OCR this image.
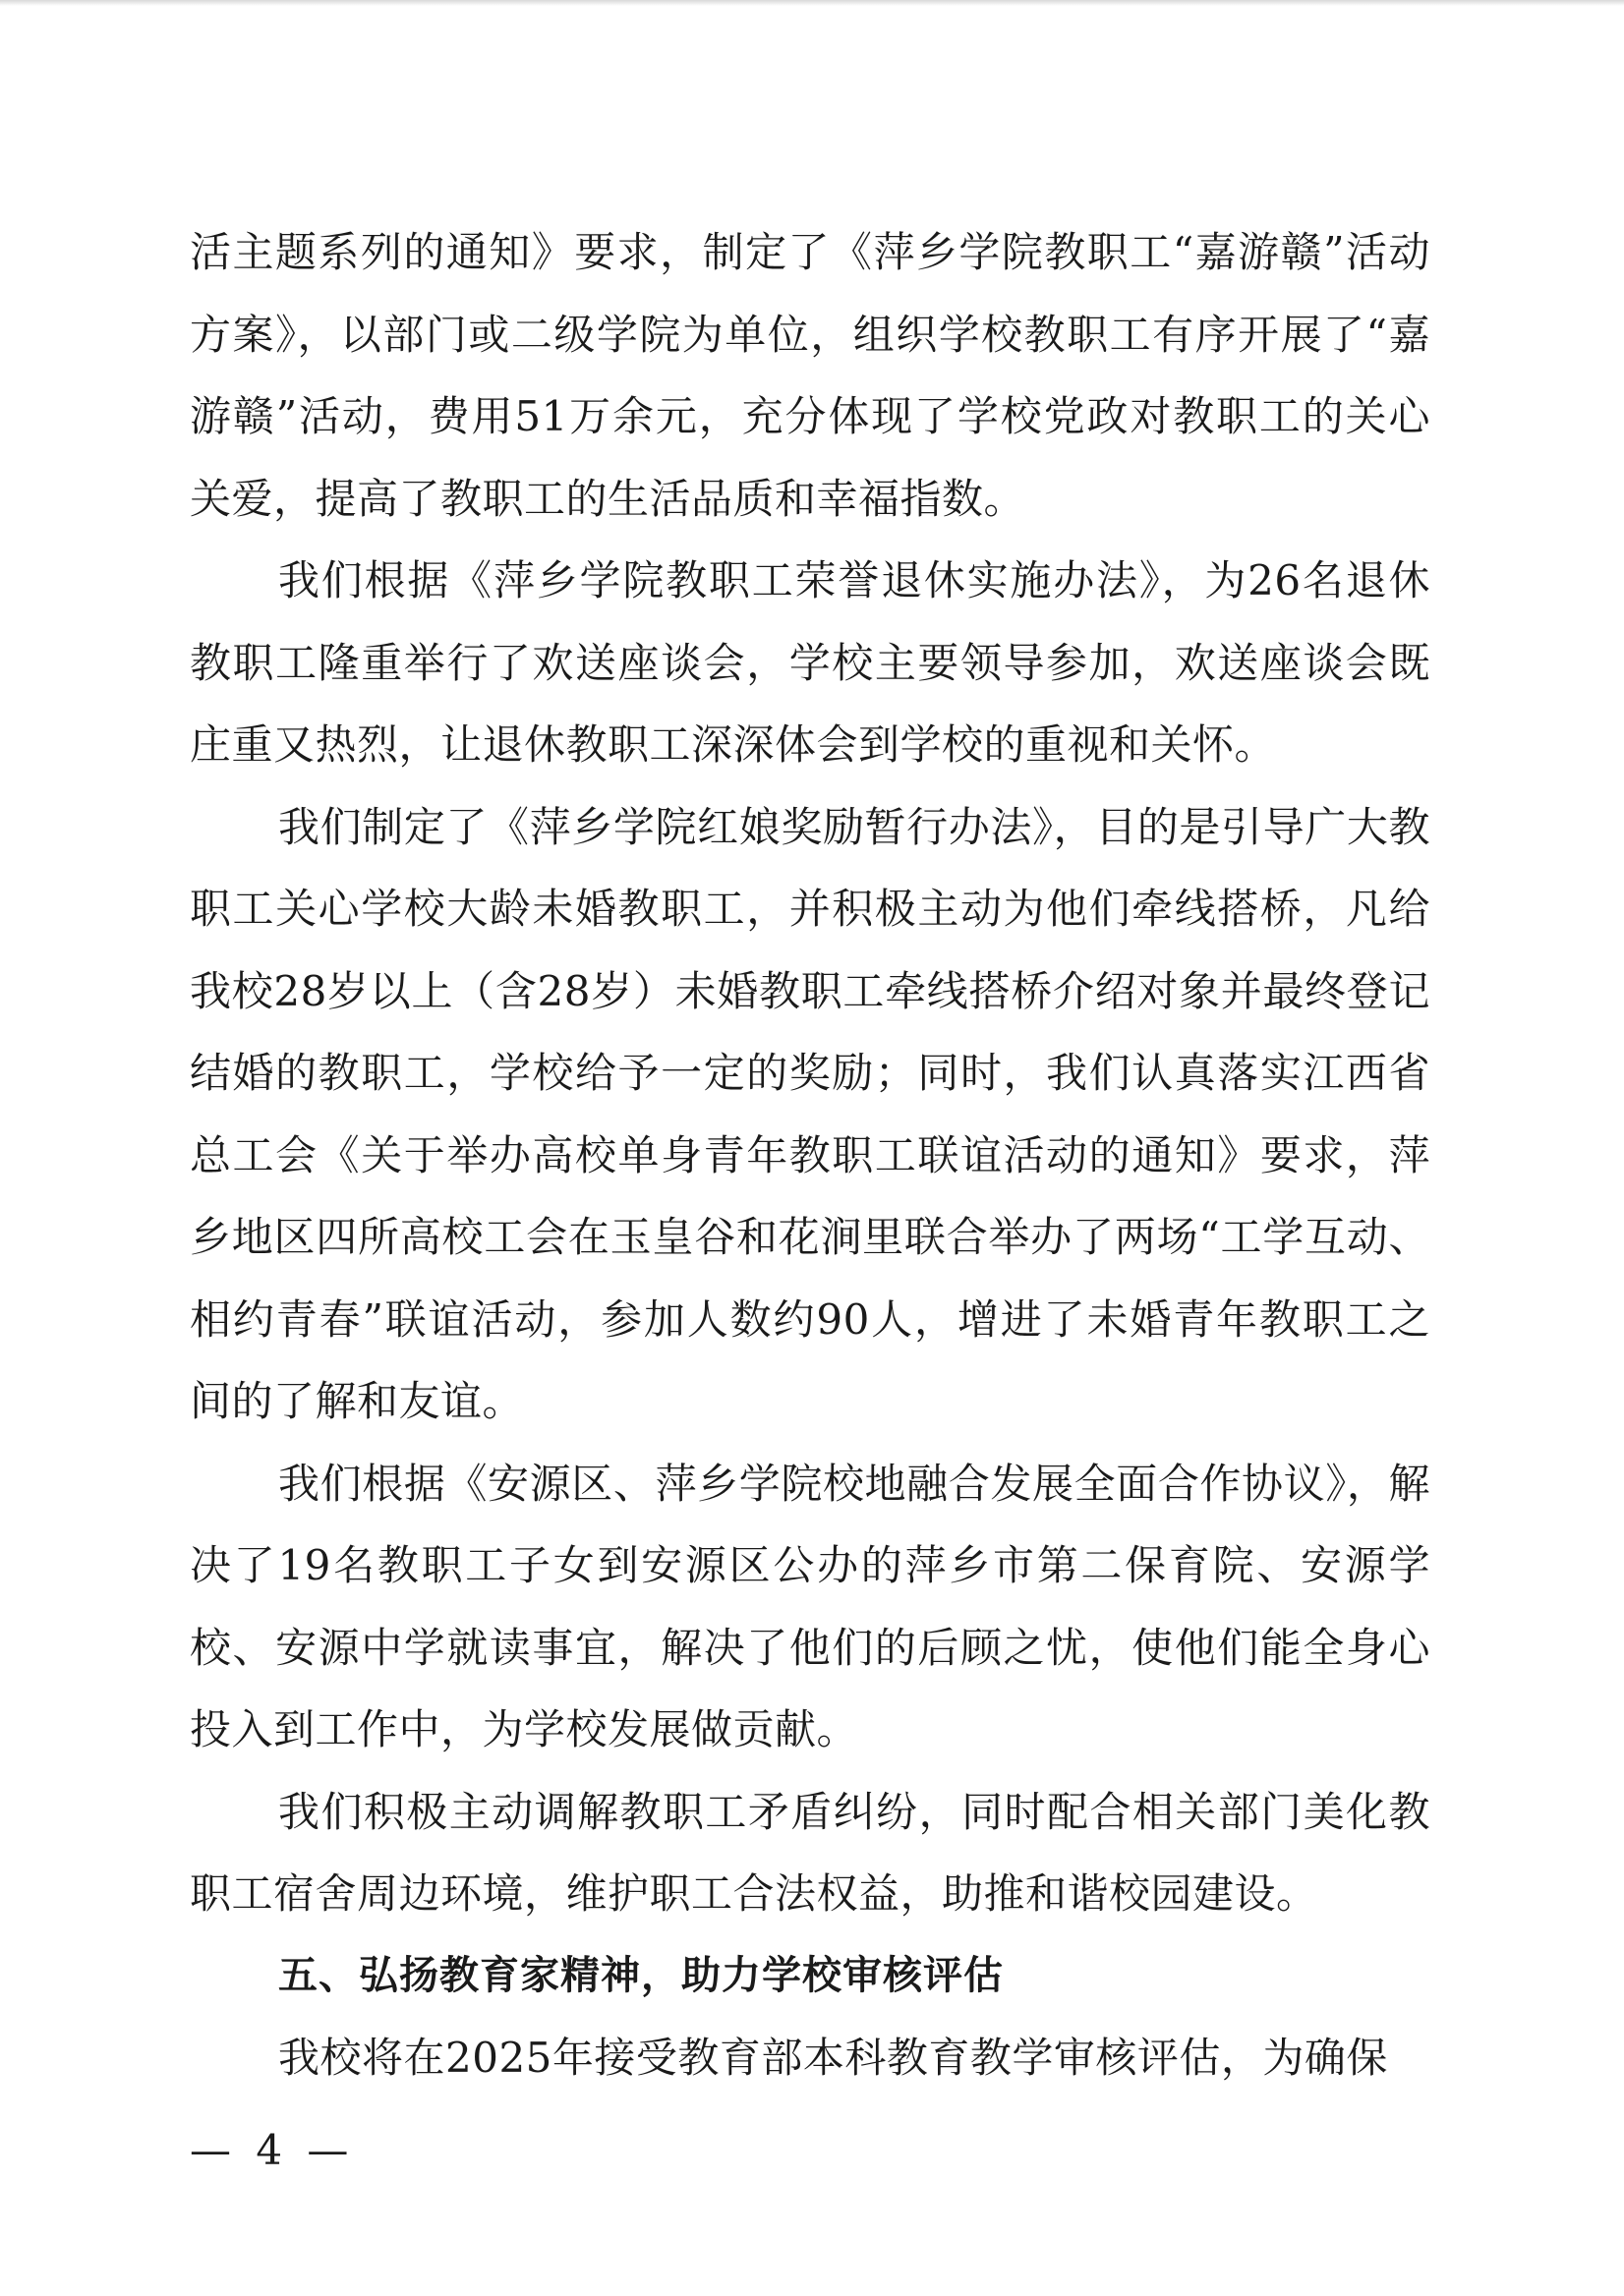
活主题系列的通知》要求，制定了《萍乡学院教职工“嘉游赣”活动方案》，以部门或二级学院为单位，组织学校教职工有序开展了“嘉游赣”活动，费用51万余元，充分体现了学校党政对教职工的关心关爱，提高了教职工的生活品质和幸福指数。

我们根据《萍乡学院教职工荣誉退休实施办法》，为26名退休教职工隆重举行了欢送座谈会，学校主要领导参加，欢送座谈会既庄重又热烈，让退休教职工深深体会到学校的重视和关怀。

我们制定了《萍乡学院红娘奖励暂行办法》，目的是引导广大教职工关心学校大龄未婚教职工，并积极主动为他们牵线搭桥，凡给我校28岁以上（含28岁）未婚教职工牵线搭桥介绍对象并最终登记结婚的教职工，学校给予一定的奖励；同时，我们认真落实江西省总工会《关于举办高校单身青年教职工联谊活动的通知》要求，萍乡地区四所高校工会在玉皇谷和花涧里联合举办了两场“工学互动、相约青春”联谊活动，参加人数约90人，增进了未婚青年教职工之间的了解和友谊。

我们根据《安源区、萍乡学院校地融合发展全面合作协议》，解决了19名教职工子女到安源区公办的萍乡市第二保育院、安源学校、安源中学就读事宜，解决了他们的后顾之忧，使他们能全身心投入到工作中，为学校发展做贡献。

我们积极主动调解教职工矛盾纠纷，同时配合相关部门美化教职工宿舍周边环境，维护职工合法权益，助推和谐校园建设。

五、弘扬教育家精神，助力学校审核评估

我校将在2025年接受教育部本科教育教学审核评估，为确保

— 4 —
